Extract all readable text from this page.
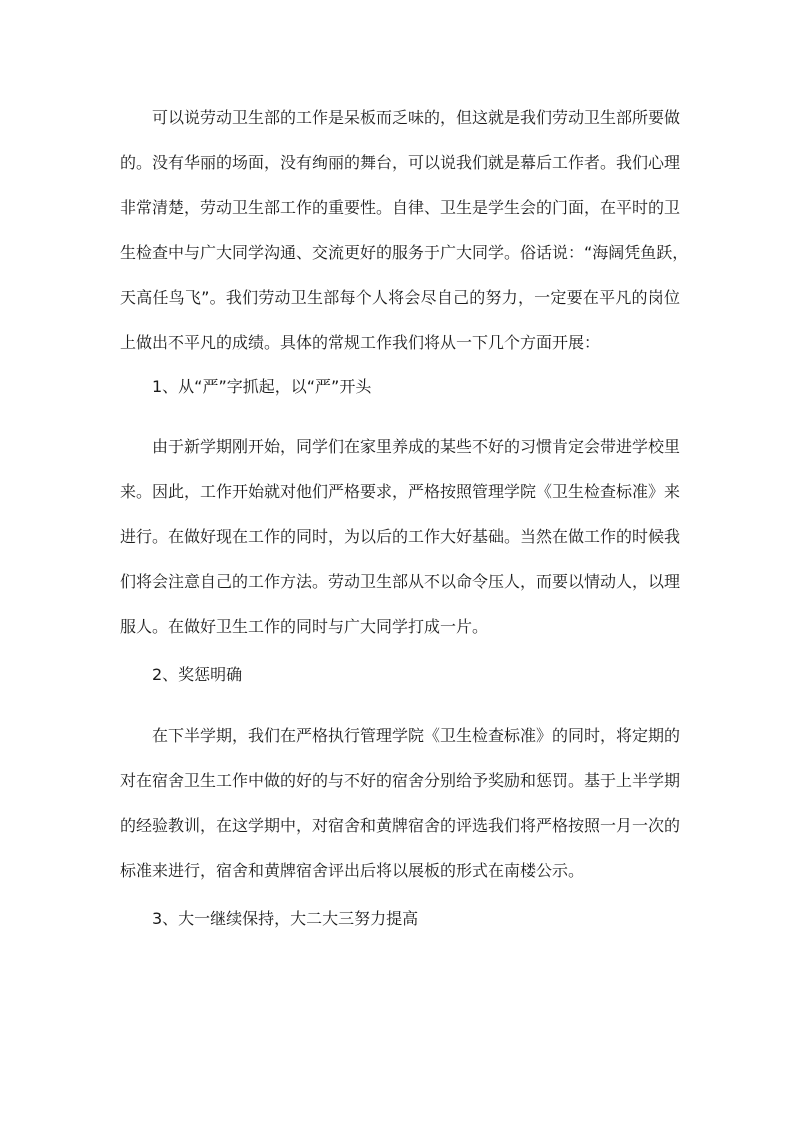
可以说劳动卫生部的工作是呆板而乏味的，但这就是我们劳动卫生部所要做
的。没有华丽的场面，没有绚丽的舞台，可以说我们就是幕后工作者。我们心理
非常清楚，劳动卫生部工作的重要性。自律、卫生是学生会的门面，在平时的卫
生检查中与广大同学沟通、交流更好的服务于广大同学。俗话说：“海阔凭鱼跃，
天高任鸟飞”。我们劳动卫生部每个人将会尽自己的努力，一定要在平凡的岗位
上做出不平凡的成绩。具体的常规工作我们将从一下几个方面开展：

1、从“严”字抓起，以“严”开头

由于新学期刚开始，同学们在家里养成的某些不好的习惯肯定会带进学校里
来。因此，工作开始就对他们严格要求，严格按照管理学院《卫生检查标准》来
进行。在做好现在工作的同时，为以后的工作大好基础。当然在做工作的时候我
们将会注意自己的工作方法。劳动卫生部从不以命令压人，而要以情动人，以理
服人。在做好卫生工作的同时与广大同学打成一片。

2、奖惩明确

在下半学期，我们在严格执行管理学院《卫生检查标准》的同时，将定期的
对在宿舍卫生工作中做的好的与不好的宿舍分别给予奖励和惩罚。基于上半学期
的经验教训，在这学期中，对宿舍和黄牌宿舍的评选我们将严格按照一月一次的
标准来进行，宿舍和黄牌宿舍评出后将以展板的形式在南楼公示。

3、大一继续保持，大二大三努力提高
